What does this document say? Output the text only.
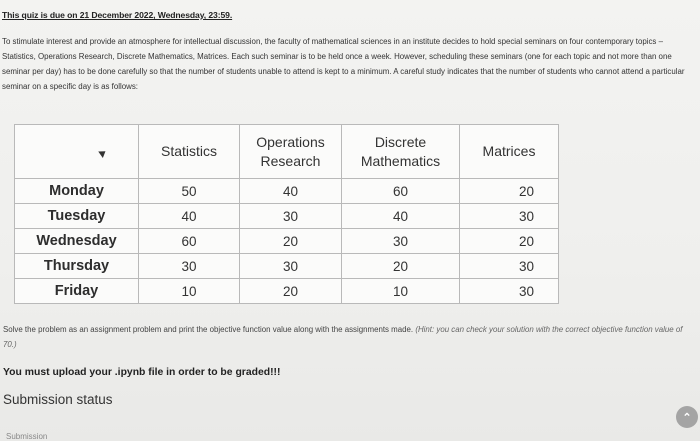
This quiz is due on 21 December 2022, Wednesday, 23:59.

To stimulate interest and provide an atmosphere for intellectual discussion, the faculty of mathematical sciences in an institute decides to hold special seminars on four contemporary topics – Statistics, Operations Research, Discrete Mathematics, Matrices. Each such seminar is to be held once a week. However, scheduling these seminars (one for each topic and not more than one seminar per day) has to be done carefully so that the number of students unable to attend is kept to a minimum. A careful study indicates that the number of students who cannot attend a particular seminar on a specific day is as follows:

	Statistics	Operations Research	Discrete Mathematics	Matrices
Monday	50	40	60	20
Tuesday	40	30	40	30
Wednesday	60	20	30	20
Thursday	30	30	20	30
Friday	10	20	10	30

Solve the problem as an assignment problem and print the objective function value along with the assignments made. (Hint: you can check your solution with the correct objective function value of 70.)

You must upload your .ipynb file in order to be graded!!!
Submission status
Submission
⌃
